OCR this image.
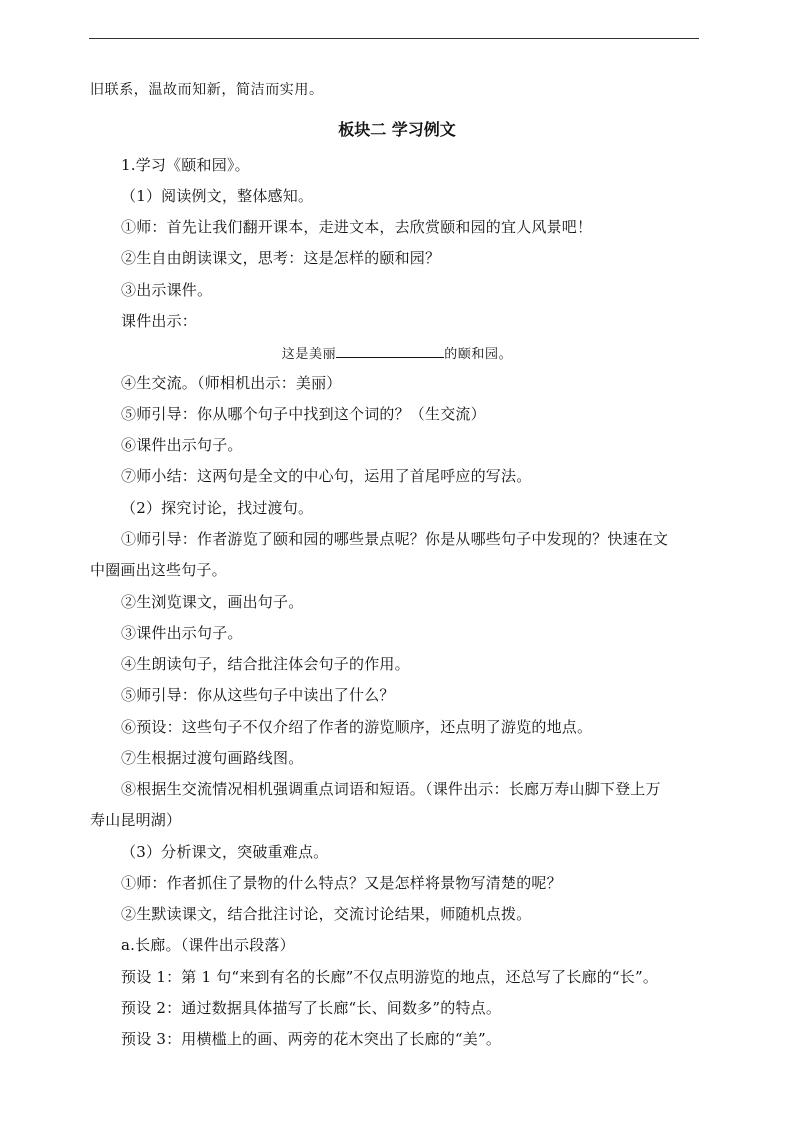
旧联系，温故而知新，简洁而实用。
板块二 学习例文
1.学习《颐和园》。
（1）阅读例文，整体感知。
①师：首先让我们翻开课本，走进文本，去欣赏颐和园的宜人风景吧！
②生自由朗读课文，思考：这是怎样的颐和园？
③出示课件。
课件出示：
这是美丽	的颐和园。
④生交流。（师相机出示：美丽）
⑤师引导：你从哪个句子中找到这个词的？（生交流）
⑥课件出示句子。
⑦师小结：这两句是全文的中心句，运用了首尾呼应的写法。
（2）探究讨论，找过渡句。
①师引导：作者游览了颐和园的哪些景点呢？你是从哪些句子中发现的？快速在文
中圈画出这些句子。
②生浏览课文，画出句子。
③课件出示句子。
④生朗读句子，结合批注体会句子的作用。
⑤师引导：你从这些句子中读出了什么？
⑥预设：这些句子不仅介绍了作者的游览顺序，还点明了游览的地点。
⑦生根据过渡句画路线图。
⑧根据生交流情况相机强调重点词语和短语。（课件出示：长廊万寿山脚下登上万
寿山昆明湖）
（3）分析课文，突破重难点。
①师：作者抓住了景物的什么特点？又是怎样将景物写清楚的呢？
②生默读课文，结合批注讨论，交流讨论结果，师随机点拨。
a.长廊。（课件出示段落）
预设 1：第 1 句“来到有名的长廊”不仅点明游览的地点，还总写了长廊的“长”。
预设 2：通过数据具体描写了长廊“长、间数多”的特点。
预设 3：用横槛上的画、两旁的花木突出了长廊的“美”。
